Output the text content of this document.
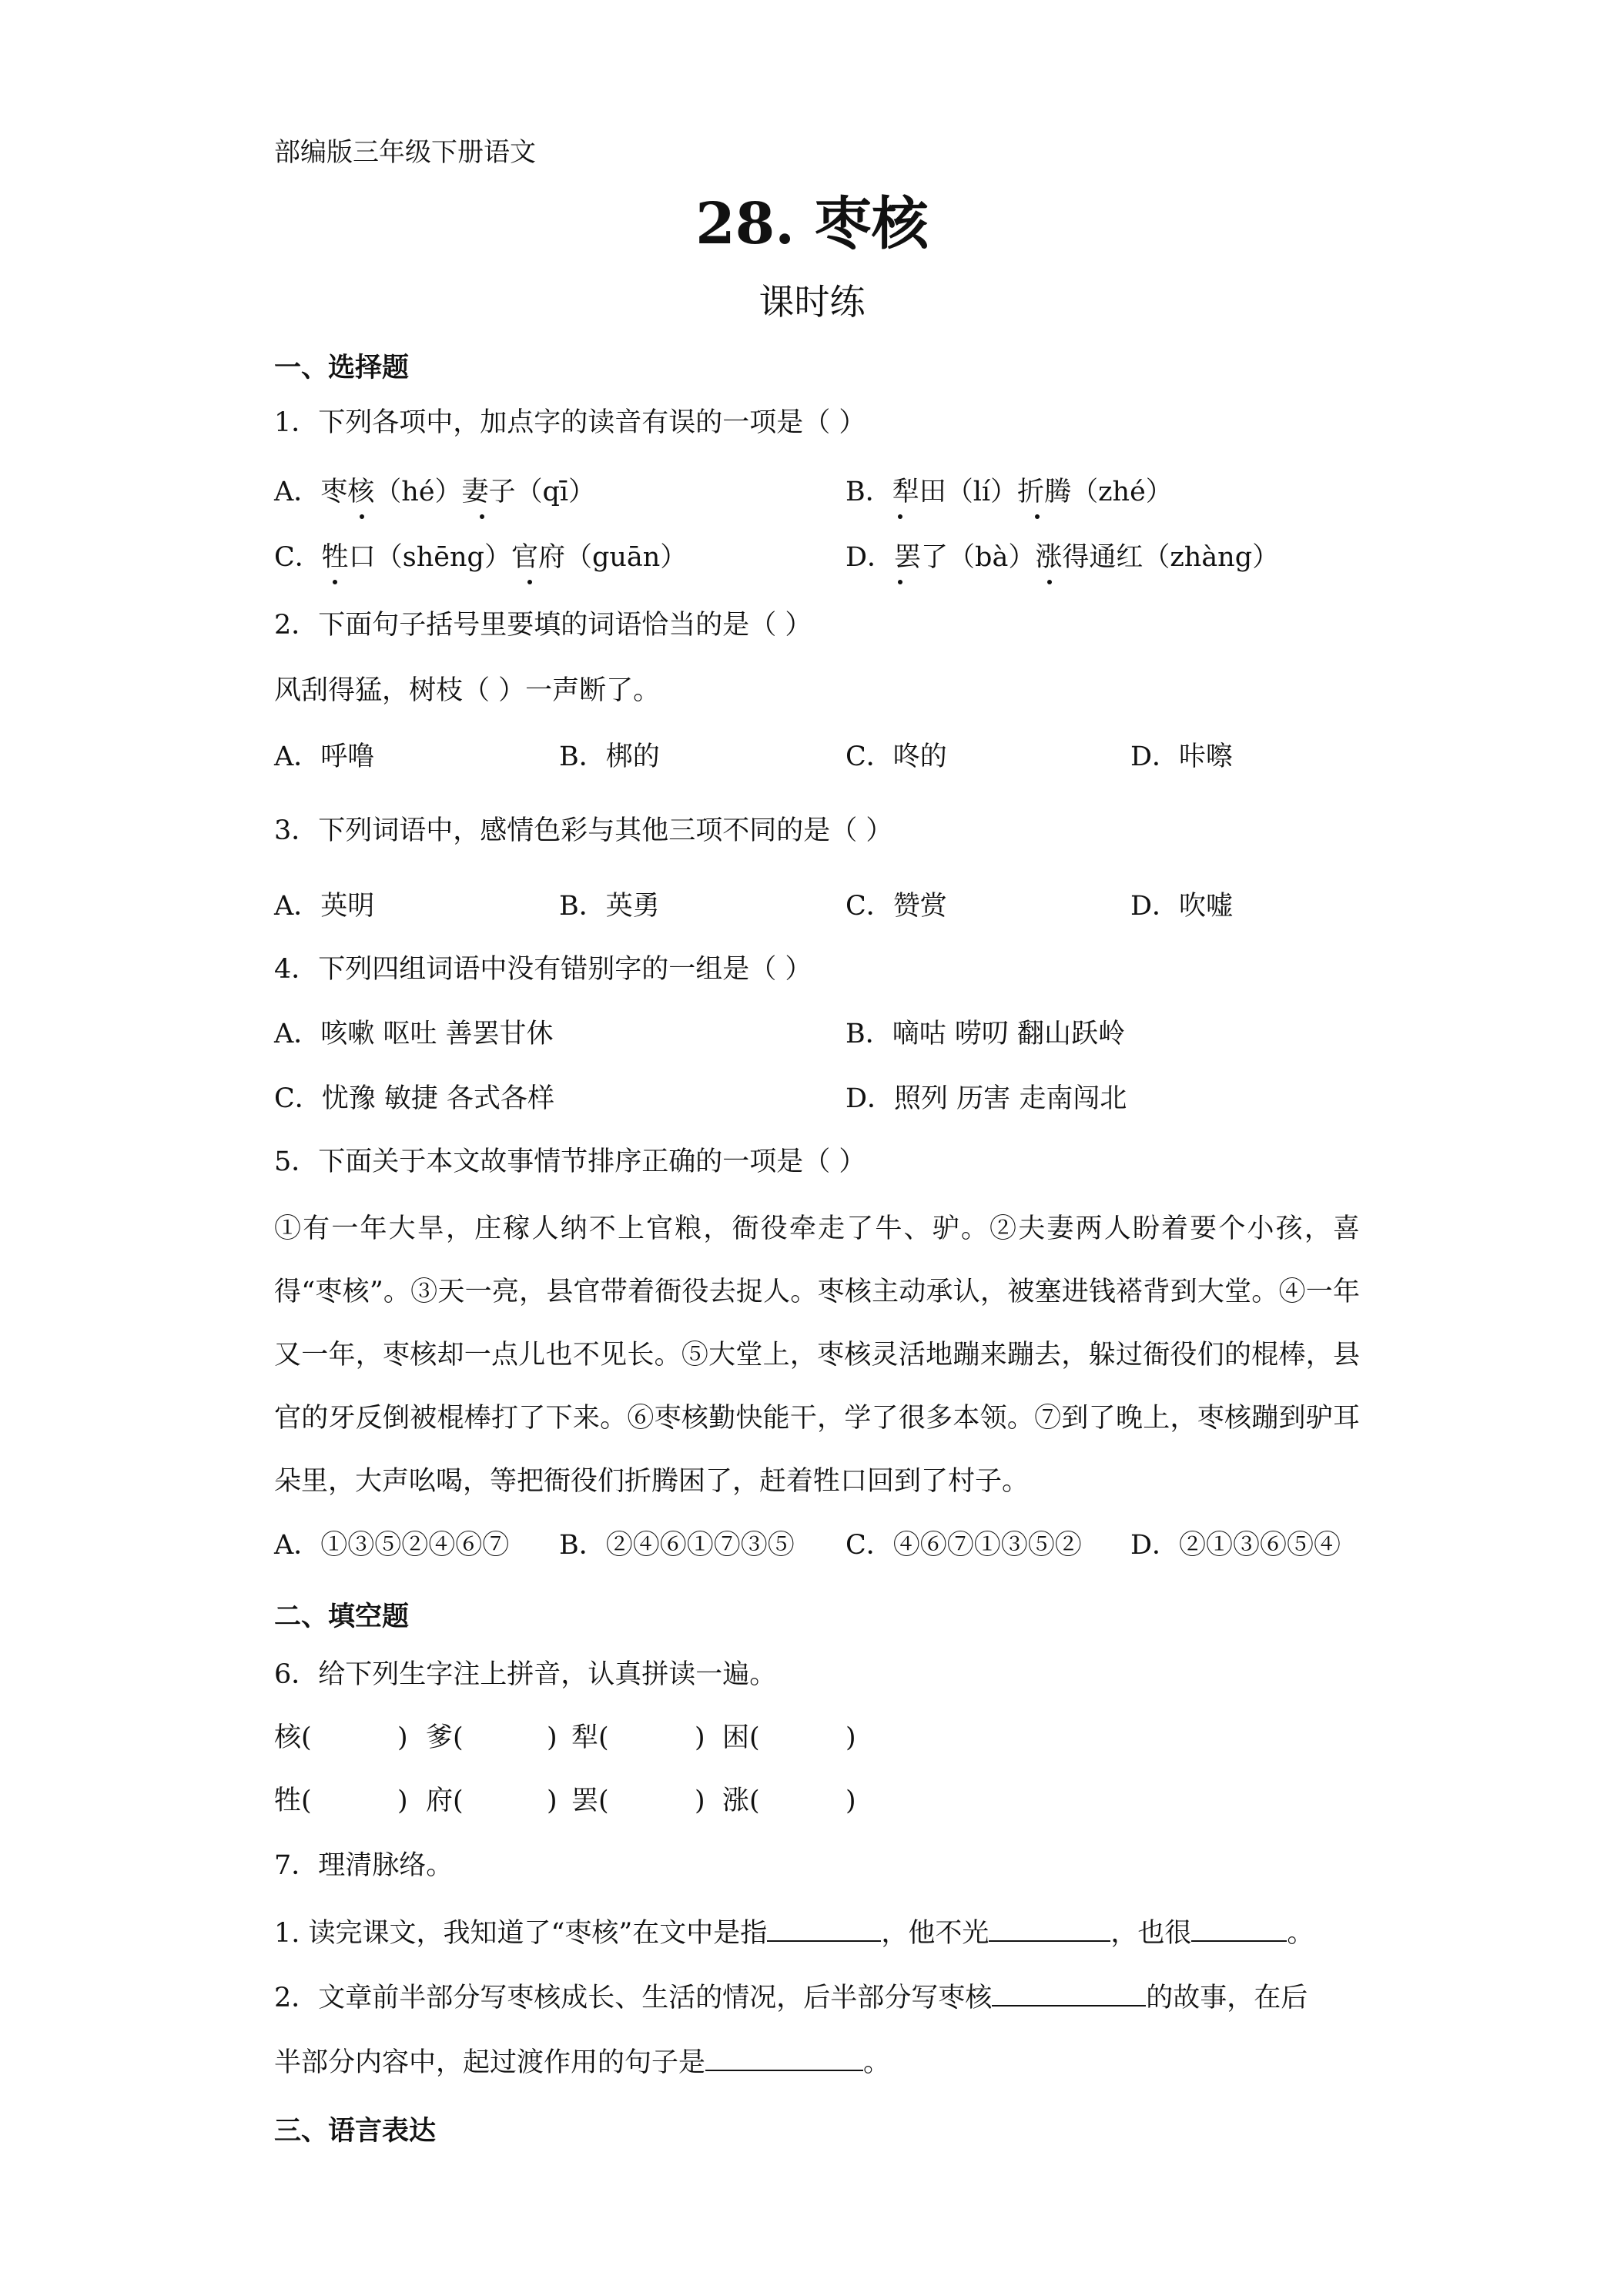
部编版三年级下册语文
28. 枣核
课时练
一、选择题
1．下列各项中，加点字的读音有误的一项是（ ）
A．枣核（hé）妻子（qī）	B．犁田（lí）折腾（zhé）
C．牲口（shēng）官府（guān）	D．罢了（bà）涨得通红（zhàng）
2．下面句子括号里要填的词语恰当的是（ ）
风刮得猛，树枝（ ）一声断了。
A．呼噜	B．梆的	C．咚的	D．咔嚓
3．下列词语中，感情色彩与其他三项不同的是（ ）
A．英明	B．英勇	C．赞赏	D．吹嘘
4．下列四组词语中没有错别字的一组是（ ）
A．咳嗽 呕吐 善罢甘休	B．嘀咕 唠叨 翻山跃岭
C．忧豫 敏捷 各式各样	D．照列 历害 走南闯北
5．下面关于本文故事情节排序正确的一项是（ ）
①有一年大旱，庄稼人纳不上官粮，衙役牵走了牛、驴。②夫妻两人盼着要个小孩，喜得“枣核”。③天一亮，县官带着衙役去捉人。枣核主动承认，被塞进钱褡背到大堂。④一年又一年，枣核却一点儿也不见长。⑤大堂上，枣核灵活地蹦来蹦去，躲过衙役们的棍棒，县官的牙反倒被棍棒打了下来。⑥枣核勤快能干，学了很多本领。⑦到了晚上，枣核蹦到驴耳朵里，大声吆喝，等把衙役们折腾困了，赶着牲口回到了村子。
A．①③⑤②④⑥⑦ B．②④⑥①⑦③⑤ C．④⑥⑦①③⑤② D．②①③⑥⑤④
二、填空题
6．给下列生字注上拼音，认真拼读一遍。
核(	) 爹(	) 犁(	) 困(	)
牲(	) 府(	) 罢(	) 涨(	)
7．理清脉络。
1. 读完课文，我知道了“枣核”在文中是指	，他不光	，也很	。
2．文章前半部分写枣核成长、生活的情况，后半部分写枣核	的故事，在后
半部分内容中，起过渡作用的句子是	。
三、语言表达
